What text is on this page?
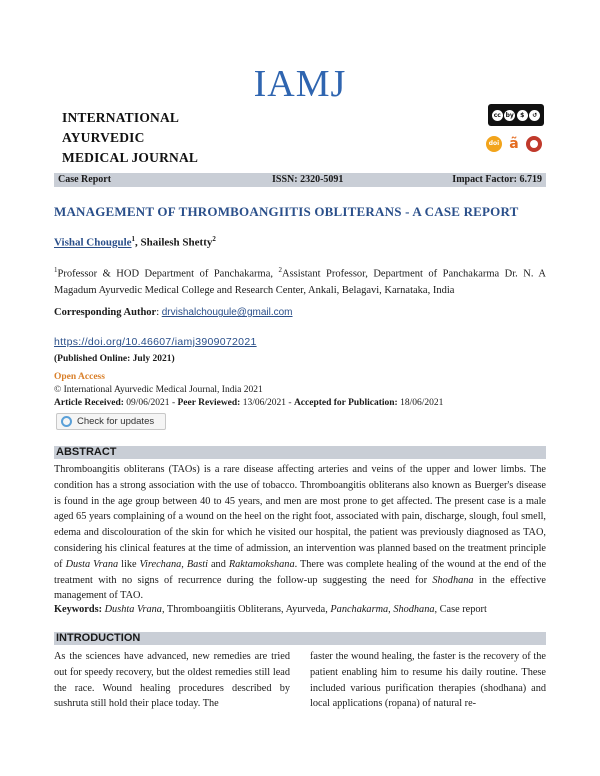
IAMJ
INTERNATIONAL
AYURVEDIC
MEDICAL JOURNAL
cc by	$	↺
doi ã
Case Report	ISSN: 2320-5091	Impact Factor: 6.719
MANAGEMENT OF THROMBOANGIITIS OBLITERANS - A CASE REPORT
Vishal Chougule$^1$, Shailesh Shetty$^2$
$^1$Professor & HOD Department of Panchakarma, $^2$Assistant Professor, Department of Panchakarma Dr. N. A Magadum Ayurvedic Medical College and Research Center, Ankali, Belagavi, Karnataka, India
Corresponding Author: drvishalchougule@gmail.com
https://doi.org/10.46607/iamj3909072021
(Published Online: July 2021)
Open Access
© International Ayurvedic Medical Journal, India 2021
Article Received: 09/06/2021 - Peer Reviewed: 13/06/2021 - Accepted for Publication: 18/06/2021
Check for updates
ABSTRACT
Thromboangitis obliterans (TAOs) is a rare disease affecting arteries and veins of the upper and lower limbs. The condition has a strong association with the use of tobacco. Thromboangitis obliterans also known as Buerger's disease is found in the age group between 40 to 45 years, and men are most prone to get affected. The present case is a male aged 65 years complaining of a wound on the heel on the right foot, associated with pain, discharge, slough, foul smell, edema and discolouration of the skin for which he visited our hospital, the patient was previously diagnosed as TAO, considering his clinical features at the time of admission, an intervention was planned based on the treatment principle of Dusta Vrana like Virechana, Basti and Raktamokshana. There was complete healing of the wound at the end of the treatment with no signs of recurrence during the follow-up suggesting the need for Shodhana in the effective management of TAO.
Keywords: Dushta Vrana, Thromboangiitis Obliterans, Ayurveda, Panchakarma, Shodhana, Case report
INTRODUCTION
As the sciences have advanced, new remedies are tried out for speedy recovery, but the oldest remedies still lead the race. Wound healing procedures described by sushruta still hold their place today. The
faster the wound healing, the faster is the recovery of the patient enabling him to resume his daily routine. These included various purification therapies (shodhana) and local applications (ropana) of natural re-
